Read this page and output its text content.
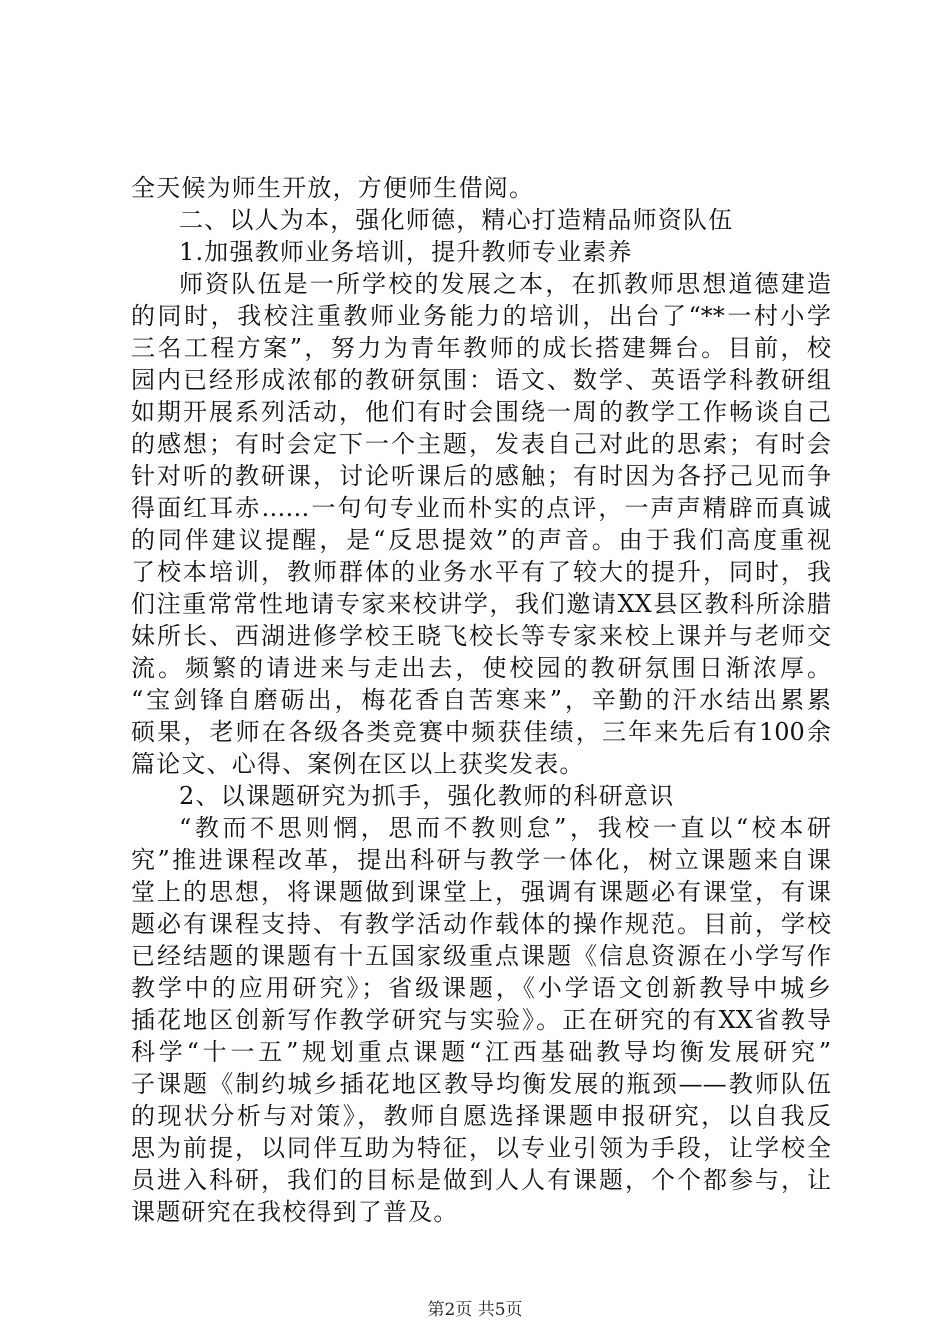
全天候为师生开放，方便师生借阅。
二、以人为本，强化师德，精心打造精品师资队伍
1.加强教师业务培训，提升教师专业素养
师资队伍是一所学校的发展之本，在抓教师思想道德建造
的同时，我校注重教师业务能力的培训，出台了“**一村小学
三名工程方案”，努力为青年教师的成长搭建舞台。目前，校
园内已经形成浓郁的教研氛围：语文、数学、英语学科教研组
如期开展系列活动，他们有时会围绕一周的教学工作畅谈自己
的感想；有时会定下一个主题，发表自己对此的思索；有时会
针对听的教研课，讨论听课后的感触；有时因为各抒己见而争
得面红耳赤……一句句专业而朴实的点评，一声声精辟而真诚
的同伴建议提醒，是“反思提效”的声音。由于我们高度重视
了校本培训，教师群体的业务水平有了较大的提升，同时，我
们注重常常性地请专家来校讲学，我们邀请XX县区教科所涂腊
妹所长、西湖进修学校王晓飞校长等专家来校上课并与老师交
流。频繁的请进来与走出去，使校园的教研氛围日渐浓厚。
“宝剑锋自磨砺出，梅花香自苦寒来”，辛勤的汗水结出累累
硕果，老师在各级各类竞赛中频获佳绩，三年来先后有100余
篇论文、心得、案例在区以上获奖发表。
2、以课题研究为抓手，强化教师的科研意识
“教而不思则惘，思而不教则怠”，我校一直以“校本研
究”推进课程改革，提出科研与教学一体化，树立课题来自课
堂上的思想，将课题做到课堂上，强调有课题必有课堂，有课
题必有课程支持、有教学活动作载体的操作规范。目前，学校
已经结题的课题有十五国家级重点课题《信息资源在小学写作
教学中的应用研究》；省级课题，《小学语文创新教导中城乡
插花地区创新写作教学研究与实验》。正在研究的有XX省教导
科学“十一五”规划重点课题“江西基础教导均衡发展研究”
子课题《制约城乡插花地区教导均衡发展的瓶颈——教师队伍
的现状分析与对策》，教师自愿选择课题申报研究，以自我反
思为前提，以同伴互助为特征，以专业引领为手段，让学校全
员进入科研，我们的目标是做到人人有课题，个个都参与，让
课题研究在我校得到了普及。
第2页 共5页
